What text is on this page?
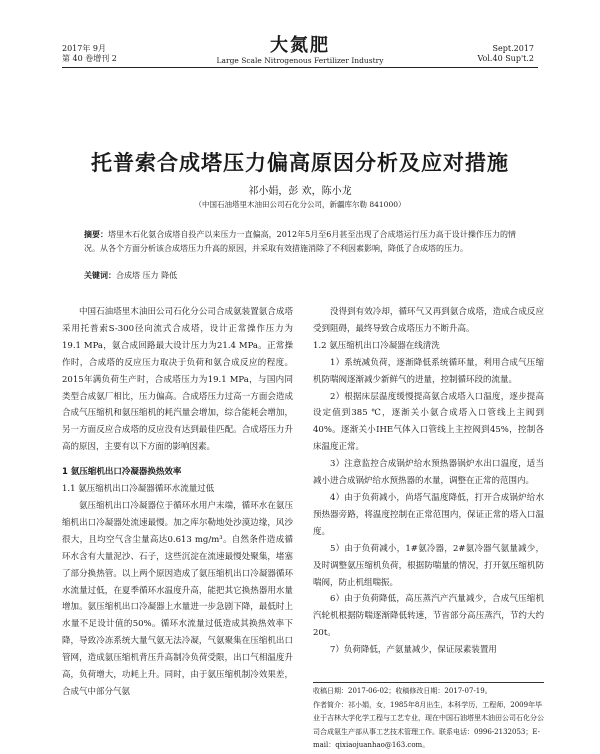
2017年 9月
第 40 卷增刊 2
大氮肥
Large Scale Nitrogenous Fertilizer Industry
Sept.2017
Vol.40 Sup't.2
托普索合成塔压力偏高原因分析及应对措施
祁小娟，彭 欢，陈小龙
（中国石油塔里木油田公司石化分公司，新疆库尔勒 841000）
摘要：塔里木石化氨合成塔自投产以来压力一直偏高，2012年5月至6月甚至出现了合成塔运行压力高于设计操作压力的情况。从各个方面分析该合成塔压力升高的原因，并采取有效措施消除了不利因素影响，降低了合成塔的压力。
关键词：合成塔 压力 降低

中国石油塔里木油田公司石化分公司合成氨装置氨合成塔采用托普索S-300径向流式合成塔，设计正常操作压力为19.1 MPa，氨合成回路最大设计压力为21.4 MPa。正常操作时，合成塔的反应压力取决于负荷和氨合成反应的程度。2015年满负荷生产时，合成塔压力为19.1 MPa，与国内同类型合成氨厂相比，压力偏高。合成塔压力过高一方面会造成合成气压缩机和氨压缩机的耗汽量会增加，综合能耗会增加，另一方面反应合成塔的反应没有达到最佳匹配。合成塔压力升高的原因，主要有以下方面的影响因素。

1 氨压缩机出口冷凝器换热效率

1.1 氨压缩机出口冷凝器循环水流量过低

氨压缩机出口冷凝器位于循环水用户末端，循环水在氨压缩机出口冷凝器处流速最慢。加之库尔勒地处沙漠边缘，风沙很大，且均空气含尘量高达0.613 mg/m³。自然条件造成循环水含有大量泥沙、石子，这些沉淀在流速最慢处聚集，堵塞了部分换热管。以上两个原因造成了氨压缩机出口冷凝器循环水流量过低，在夏季循环水温度升高，能把其它换热器用水量增加。氨压缩机出口冷凝器上水量进一步急剧下降，最低时上水量不足设计值的50%。循环水流量过低造成其换热效率下降，导致冷冻系统大量气氨无法冷凝，气氨聚集在压缩机出口管网，造成氨压缩机背压升高制冷负荷受限，出口气相温度升高，负荷增大，功耗上升。同时，由于氨压缩机制冷效果差，合成气中部分气氨

没得到有效冷却，循环气又再到氨合成塔，造成合成反应受到阻碍，最终导致合成塔压力不断升高。

1.2 氨压缩机出口冷凝器在线清洗

1）系统减负荷，逐渐降低系统循环量，利用合成气压缩机防喘阀逐渐减少新鲜气的进量，控制循环段的流量。

2）根据床层温度缓慢提高氨合成塔入口温度，逐步提高设定值到385 ℃，逐渐关小氨合成塔入口管线上主阀到40%。逐渐关小IHE气体入口管线上主控阀到45%，控制各床温度正常。

3）注意监控合成锅炉给水预热器锅炉水出口温度，适当减小进合成锅炉给水预热器的水量，调整在正常的范围内。

4）由于负荷减小，尚塔气温度降低，打开合成锅炉给水预热器旁路，将温度控制在正常范围内，保证正常的塔入口温度。

5）由于负荷减小，1#氨冷器，2#氨冷器气氨量减少，及时调整氨压缩机负荷，根据防喘量的情况，打开氨压缩机防喘阀，防止机组喘振。

6）由于负荷降低，高压蒸汽产汽量减少，合成气压缩机汽轮机根据防喘逐渐降低转速，节省部分高压蒸汽，节约大约20t。

7）负荷降低，产氨量减少，保证尿素装置用

收稿日期：2017-06-02；收稿修改日期：2017-07-19。

作者简介：祁小娟，女，1985年8月出生，本科学历，工程师，2009年毕业于吉林大学化学工程与工艺专业，现在中国石油塔里木油田公司石化分公司合成氨生产部从事工艺技术管理工作。联系电话：0996-2132053；E-mail：qixiaojuanhao@163.com。
